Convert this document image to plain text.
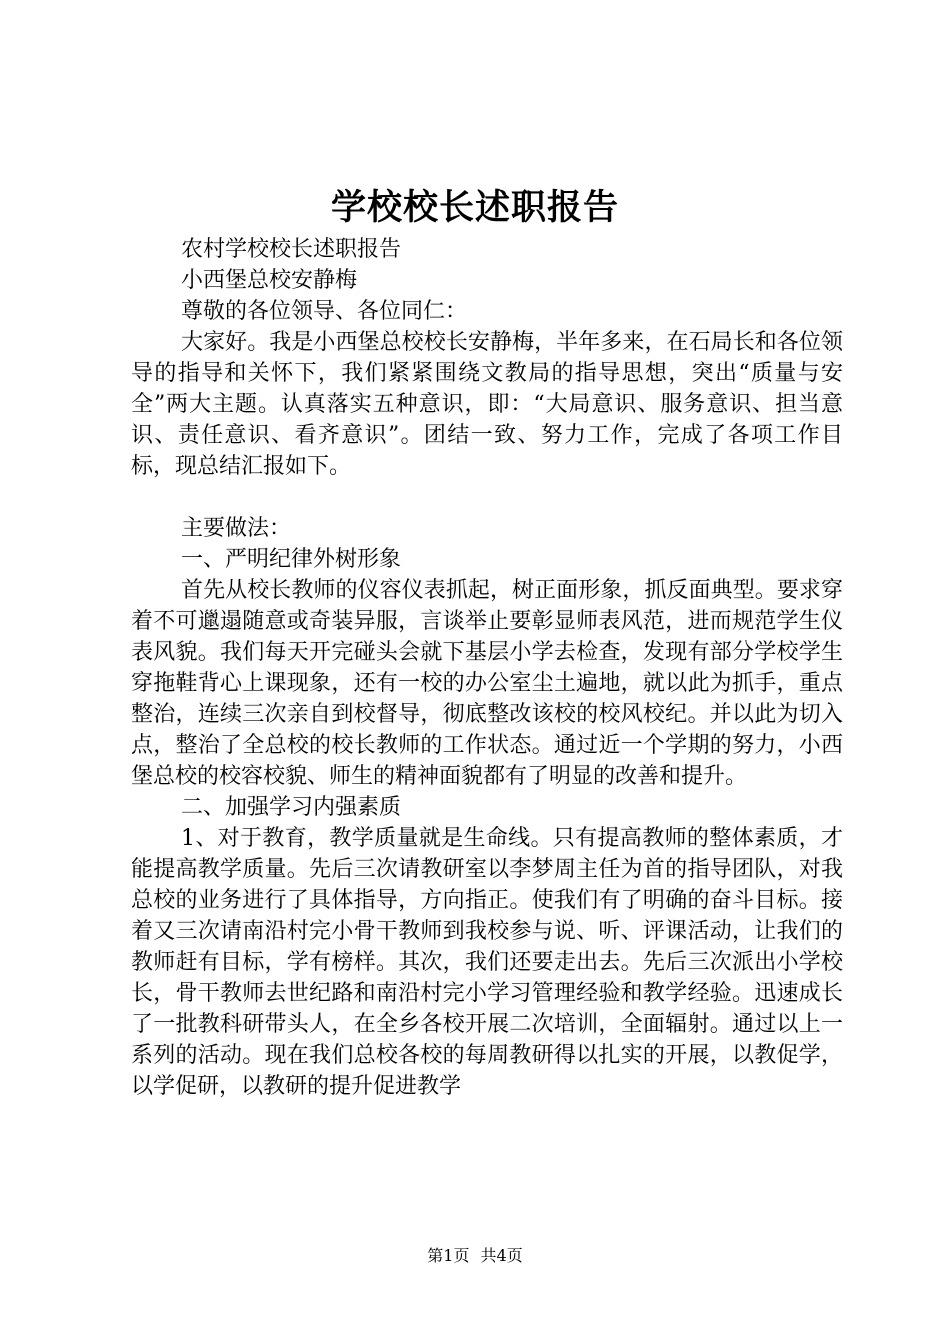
学校校长述职报告

农村学校校长述职报告

小西堡总校安静梅

尊敬的各位领导、各位同仁：

大家好。我是小西堡总校校长安静梅，半年多来，在石局长和各位领导的指导和关怀下，我们紧紧围绕文教局的指导思想，突出“质量与安全”两大主题。认真落实五种意识，即：“大局意识、服务意识、担当意识、责任意识、看齐意识”。团结一致、努力工作，完成了各项工作目标，现总结汇报如下。

主要做法：

一、严明纪律外树形象

首先从校长教师的仪容仪表抓起，树正面形象，抓反面典型。要求穿着不可邋遢随意或奇装异服，言谈举止要彰显师表风范，进而规范学生仪表风貌。我们每天开完碰头会就下基层小学去检查，发现有部分学校学生穿拖鞋背心上课现象，还有一校的办公室尘土遍地，就以此为抓手，重点整治，连续三次亲自到校督导，彻底整改该校的校风校纪。并以此为切入点，整治了全总校的校长教师的工作状态。通过近一个学期的努力，小西堡总校的校容校貌、师生的精神面貌都有了明显的改善和提升。

二、加强学习内强素质

1、对于教育，教学质量就是生命线。只有提高教师的整体素质，才能提高教学质量。先后三次请教研室以李梦周主任为首的指导团队，对我总校的业务进行了具体指导，方向指正。使我们有了明确的奋斗目标。接着又三次请南沿村完小骨干教师到我校参与说、听、评课活动，让我们的教师赶有目标，学有榜样。其次，我们还要走出去。先后三次派出小学校长，骨干教师去世纪路和南沿村完小学习管理经验和教学经验。迅速成长了一批教科研带头人，在全乡各校开展二次培训，全面辐射。通过以上一系列的活动。现在我们总校各校的每周教研得以扎实的开展，以教促学，以学促研，以教研的提升促进教学

第1页 共4页
